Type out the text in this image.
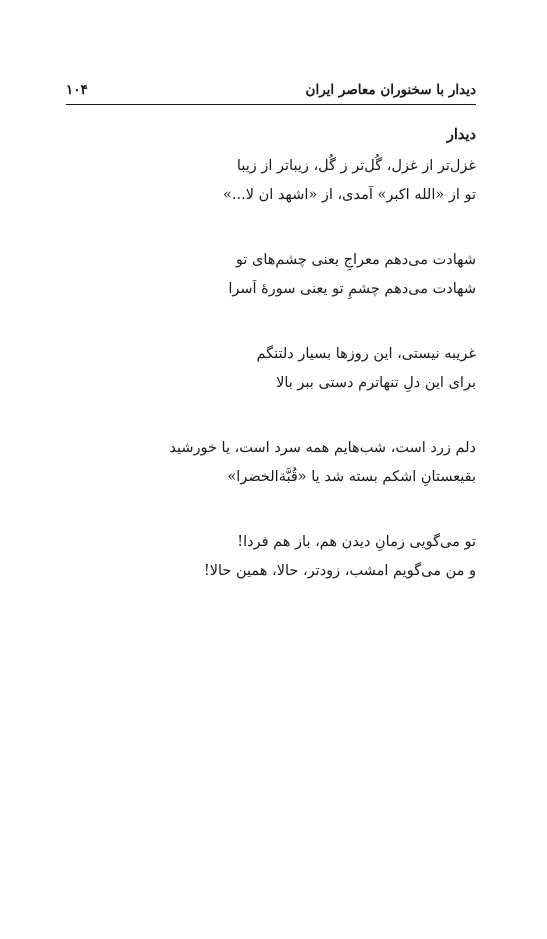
دیدار با سخنوران معاصر ایران
۱۰۴
دیدار
غزل‌تر از غزل، گُل‌تر ز گُل، زیباتر از زیبا
تو از «الله اکبر» آمدی، از «اشهد ان لا...»
شهادت می‌دهم معراجِ یعنی چشم‌های تو
شهادت می‌دهم چشمِ تو یعنی سورهٔ اَسرا
غریبه نیستی، این روزها بسیار دلتنگم
برای این دلِ تنهاترم دستی ببر بالا
دلم زرد است، شب‌هایم همه سرد است، یا خورشید
بقیعستانِ اشکم بسته شد یا «قُبَّةالخضرا»
تو می‌گویی زمانِ دیدن هم، باز هم فردا!
و من می‌گویم امشب، زودتر، حالا، همین حالا!
